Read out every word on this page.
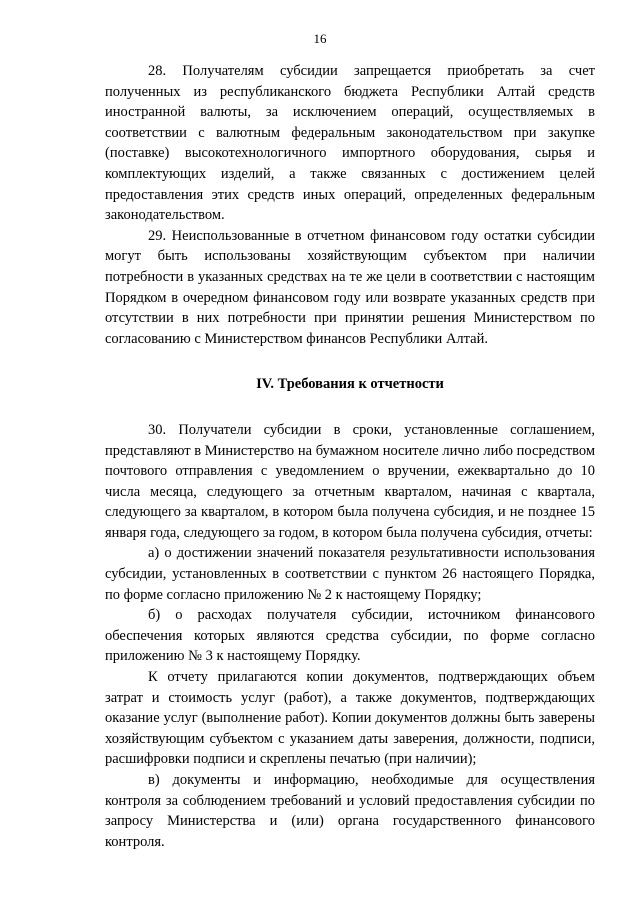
16

28. Получателям субсидии запрещается приобретать за счет полученных из республиканского бюджета Республики Алтай средств иностранной валюты, за исключением операций, осуществляемых в соответствии с валютным федеральным законодательством при закупке (поставке) высокотехнологичного импортного оборудования, сырья и комплектующих изделий, а также связанных с достижением целей предоставления этих средств иных операций, определенных федеральным законодательством.

29. Неиспользованные в отчетном финансовом году остатки субсидии могут быть использованы хозяйствующим субъектом при наличии потребности в указанных средствах на те же цели в соответствии с настоящим Порядком в очередном финансовом году или возврате указанных средств при отсутствии в них потребности при принятии решения Министерством по согласованию с Министерством финансов Республики Алтай.

IV. Требования к отчетности

30. Получатели субсидии в сроки, установленные соглашением, представляют в Министерство на бумажном носителе лично либо посредством почтового отправления с уведомлением о вручении, ежеквартально до 10 числа месяца, следующего за отчетным кварталом, начиная с квартала, следующего за кварталом, в котором была получена субсидия, и не позднее 15 января года, следующего за годом, в котором была получена субсидия, отчеты:

а) о достижении значений показателя результативности использования субсидии, установленных в соответствии с пунктом 26 настоящего Порядка, по форме согласно приложению № 2 к настоящему Порядку;

б) о расходах получателя субсидии, источником финансового обеспечения которых являются средства субсидии, по форме согласно приложению № 3 к настоящему Порядку.

К отчету прилагаются копии документов, подтверждающих объем затрат и стоимость услуг (работ), а также документов, подтверждающих оказание услуг (выполнение работ). Копии документов должны быть заверены хозяйствующим субъектом с указанием даты заверения, должности, подписи, расшифровки подписи и скреплены печатью (при наличии);

в) документы и информацию, необходимые для осуществления контроля за соблюдением требований и условий предоставления субсидии по запросу Министерства и (или) органа государственного финансового контроля.
